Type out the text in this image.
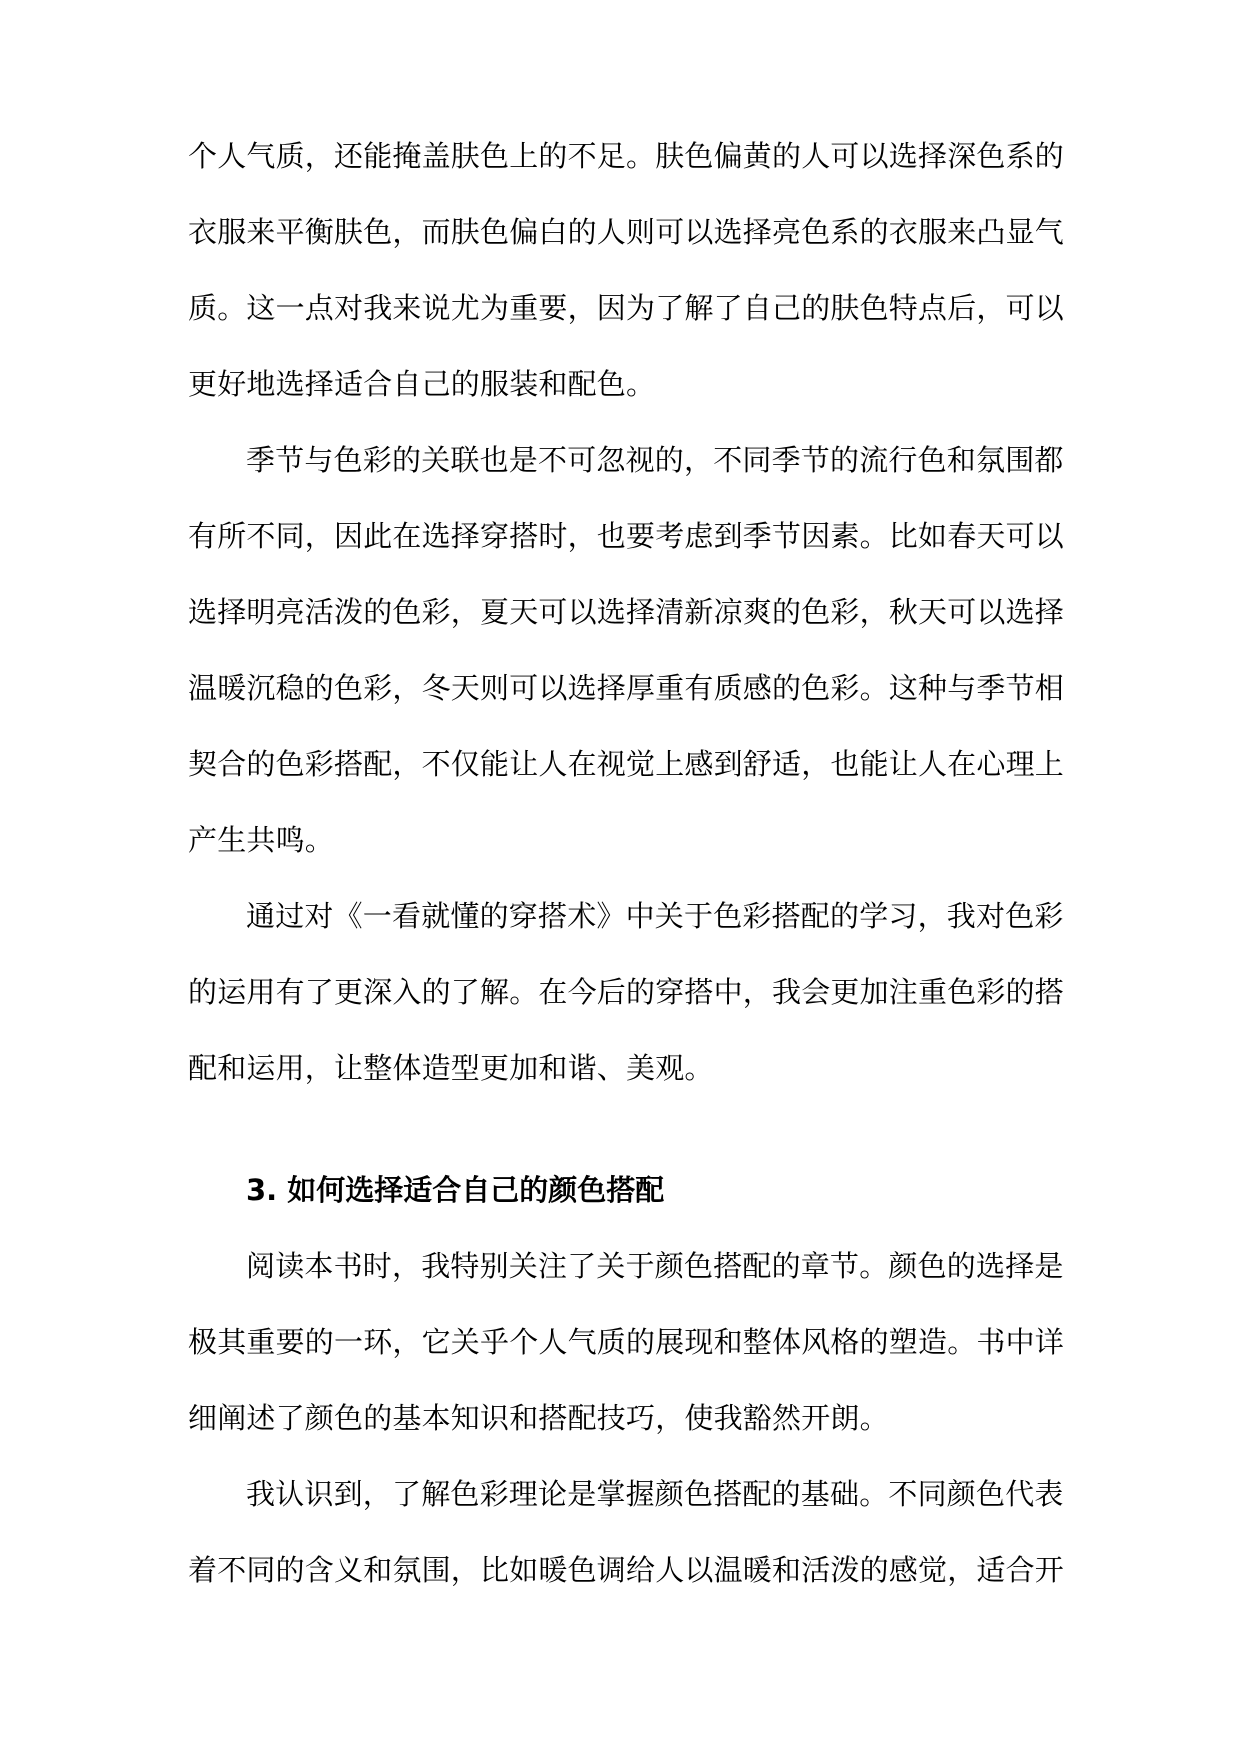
个人气质，还能掩盖肤色上的不足。肤色偏黄的人可以选择深色系的
衣服来平衡肤色，而肤色偏白的人则可以选择亮色系的衣服来凸显气
质。这一点对我来说尤为重要，因为了解了自己的肤色特点后，可以
更好地选择适合自己的服装和配色。
季节与色彩的关联也是不可忽视的，不同季节的流行色和氛围都
有所不同，因此在选择穿搭时，也要考虑到季节因素。比如春天可以
选择明亮活泼的色彩，夏天可以选择清新凉爽的色彩，秋天可以选择
温暖沉稳的色彩，冬天则可以选择厚重有质感的色彩。这种与季节相
契合的色彩搭配，不仅能让人在视觉上感到舒适，也能让人在心理上
产生共鸣。
通过对《一看就懂的穿搭术》中关于色彩搭配的学习，我对色彩
的运用有了更深入的了解。在今后的穿搭中，我会更加注重色彩的搭
配和运用，让整体造型更加和谐、美观。
3. 如何选择适合自己的颜色搭配
阅读本书时，我特别关注了关于颜色搭配的章节。颜色的选择是
极其重要的一环，它关乎个人气质的展现和整体风格的塑造。书中详
细阐述了颜色的基本知识和搭配技巧，使我豁然开朗。
我认识到，了解色彩理论是掌握颜色搭配的基础。不同颜色代表
着不同的含义和氛围，比如暖色调给人以温暖和活泼的感觉，适合开
